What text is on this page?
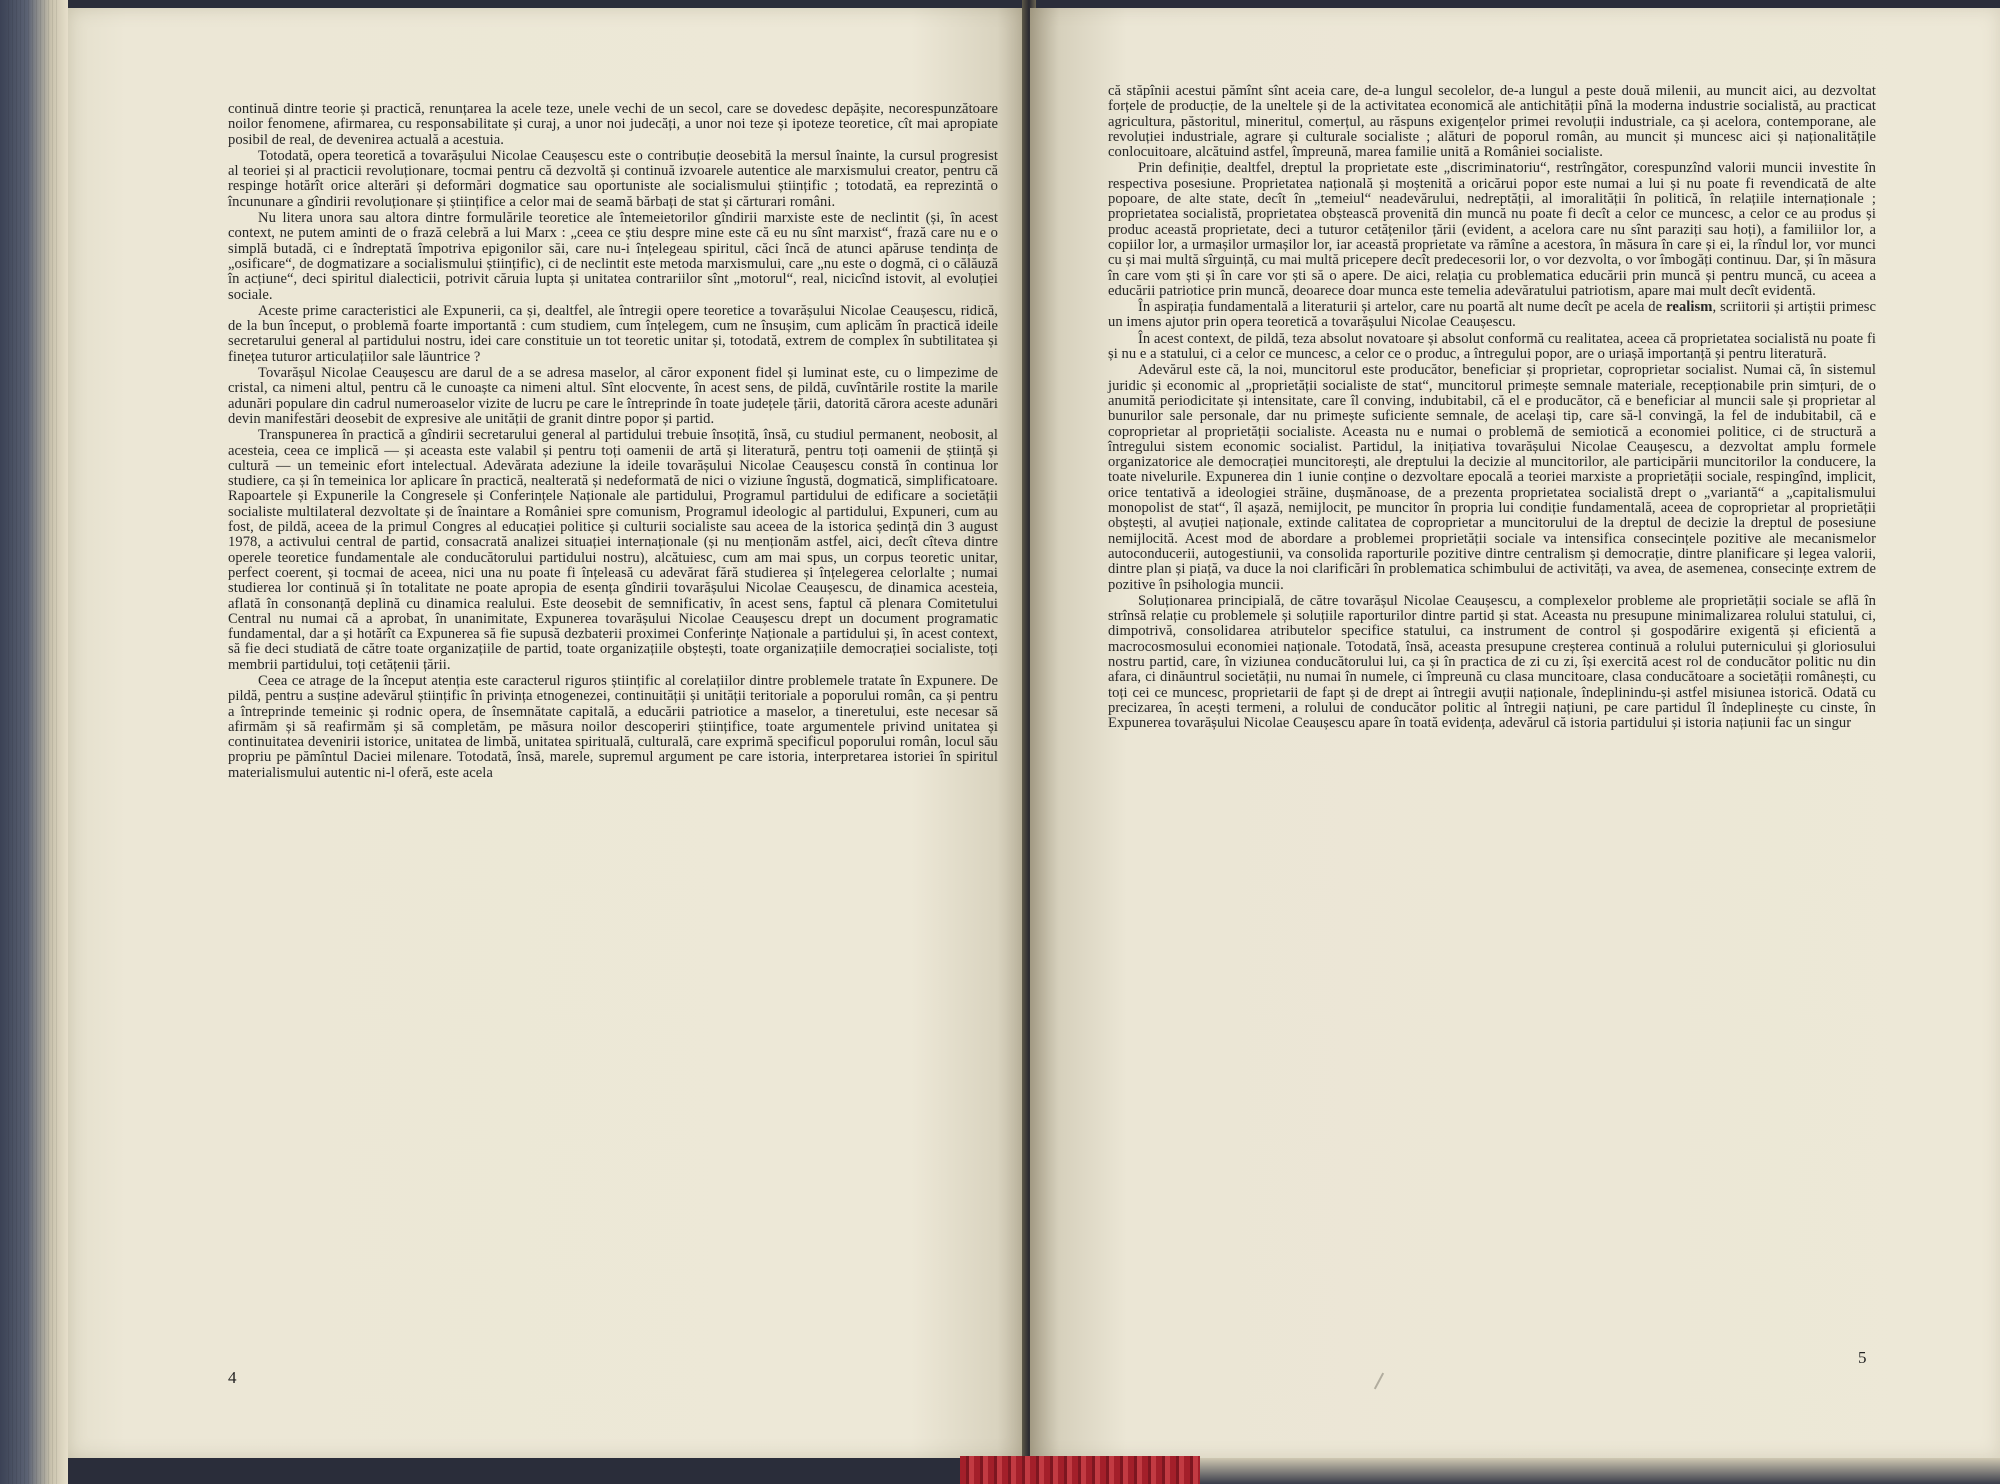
continuă dintre teorie și practică, renunțarea la acele teze, unele vechi de un secol, care se dovedesc depășite, necorespunzătoare noilor fenomene, afirmarea, cu responsabilitate și curaj, a unor noi judecăți, a unor noi teze și ipoteze teoretice, cît mai apropiate posibil de real, de devenirea actuală a acestuia.

Totodată, opera teoretică a tovarășului Nicolae Ceaușescu este o contribuție deosebită la mersul înainte, la cursul progresist al teoriei și al practicii revoluționare, tocmai pentru că dezvoltă și continuă izvoarele autentice ale marxismului creator, pentru că respinge hotărît orice alterări și deformări dogmatice sau oportuniste ale socialismului științific ; totodată, ea reprezintă o încununare a gîndirii revoluționare și științifice a celor mai de seamă bărbați de stat și cărturari români.

Nu litera unora sau altora dintre formulările teoretice ale întemeietorilor gîndirii marxiste este de neclintit (și, în acest context, ne putem aminti de o frază celebră a lui Marx : „ceea ce știu despre mine este că eu nu sînt marxist“, frază care nu e o simplă butadă, ci e îndreptată împotriva epigonilor săi, care nu-i înțelegeau spiritul, căci încă de atunci apăruse tendința de „osificare“, de dogmatizare a socialismului științific), ci de neclintit este metoda marxismului, care „nu este o dogmă, ci o călăuză în acțiune“, deci spiritul dialecticii, potrivit căruia lupta și unitatea contrariilor sînt „motorul“, real, nicicînd istovit, al evoluției sociale.

Aceste prime caracteristici ale Expunerii, ca și, dealtfel, ale întregii opere teoretice a tovarășului Nicolae Ceaușescu, ridică, de la bun început, o problemă foarte importantă : cum studiem, cum înțelegem, cum ne însușim, cum aplicăm în practică ideile secretarului general al partidului nostru, idei care constituie un tot teoretic unitar și, totodată, extrem de complex în subtilitatea și finețea tuturor articulațiilor sale lăuntrice ?

Tovarășul Nicolae Ceaușescu are darul de a se adresa maselor, al căror exponent fidel și luminat este, cu o limpezime de cristal, ca nimeni altul, pentru că le cunoaște ca nimeni altul. Sînt elocvente, în acest sens, de pildă, cuvîntările rostite la marile adunări populare din cadrul numeroaselor vizite de lucru pe care le întreprinde în toate județele țării, datorită cărora aceste adunări devin manifestări deosebit de expresive ale unității de granit dintre popor și partid.

Transpunerea în practică a gîndirii secretarului general al partidului trebuie însoțită, însă, cu studiul permanent, neobosit, al acesteia, ceea ce implică — și aceasta este valabil și pentru toți oamenii de artă și literatură, pentru toți oamenii de știință și cultură — un temeinic efort intelectual. Adevărata adeziune la ideile tovarășului Nicolae Ceaușescu constă în continua lor studiere, ca și în temeinica lor aplicare în practică, nealterată și nedeformată de nici o viziune îngustă, dogmatică, simplificatoare. Rapoartele și Expunerile la Congresele și Conferințele Naționale ale partidului, Programul partidului de edificare a societății socialiste multilateral dezvoltate și de înaintare a României spre comunism, Programul ideologic al partidului, Expuneri, cum au fost, de pildă, aceea de la primul Congres al educației politice și culturii socialiste sau aceea de la istorica ședință din 3 august 1978, a activului central de partid, consacrată analizei situației internaționale (și nu menționăm astfel, aici, decît cîteva dintre operele teoretice fundamentale ale conducătorului partidului nostru), alcătuiesc, cum am mai spus, un corpus teoretic unitar, perfect coerent, și tocmai de aceea, nici una nu poate fi înțeleasă cu adevărat fără studierea și înțelegerea celorlalte ; numai studierea lor continuă și în totalitate ne poate apropia de esența gîndirii tovarășului Nicolae Ceaușescu, de dinamica acesteia, aflată în consonanță deplină cu dinamica realului. Este deosebit de semnificativ, în acest sens, faptul că plenara Comitetului Central nu numai că a aprobat, în unanimitate, Expunerea tovarășului Nicolae Ceaușescu drept un document programatic fundamental, dar a și hotărît ca Expunerea să fie supusă dezbaterii proximei Conferințe Naționale a partidului și, în acest context, să fie deci studiată de către toate organizațiile de partid, toate organizațiile obștești, toate organizațiile democrației socialiste, toți membrii partidului, toți cetățenii țării.

Ceea ce atrage de la început atenția este caracterul riguros științific al corelațiilor dintre problemele tratate în Expunere. De pildă, pentru a susține adevărul științific în privința etnogenezei, continuității și unității teritoriale a poporului român, ca și pentru a întreprinde temeinic și rodnic opera, de însemnătate capitală, a educării patriotice a maselor, a tineretului, este necesar să afirmăm și să reafirmăm și să completăm, pe măsura noilor descoperiri științifice, toate argumentele privind unitatea și continuitatea devenirii istorice, unitatea de limbă, unitatea spirituală, culturală, care exprimă specificul poporului român, locul său propriu pe pămîntul Daciei milenare. Totodată, însă, marele, supremul argument pe care istoria, interpretarea istoriei în spiritul materialismului autentic ni-l oferă, este acela

4

că stăpînii acestui pămînt sînt aceia care, de-a lungul secolelor, de-a lungul a peste două milenii, au muncit aici, au dezvoltat forțele de producție, de la uneltele și de la activitatea economică ale antichității pînă la moderna industrie socialistă, au practicat agricultura, păstoritul, mineritul, comerțul, au răspuns exigențelor primei revoluții industriale, ca și acelora, contemporane, ale revoluției industriale, agrare și culturale socialiste ; alături de poporul român, au muncit și muncesc aici și naționalitățile conlocuitoare, alcătuind astfel, împreună, marea familie unită a României socialiste.

Prin definiție, dealtfel, dreptul la proprietate este „discriminatoriu“, restrîngător, corespunzînd valorii muncii investite în respectiva posesiune. Proprietatea națională și moștenită a oricărui popor este numai a lui și nu poate fi revendicată de alte popoare, de alte state, decît în „temeiul“ neadevărului, nedreptății, al imoralității în politică, în relațiile internaționale ; proprietatea socialistă, proprietatea obștească provenită din muncă nu poate fi decît a celor ce muncesc, a celor ce au produs și produc această proprietate, deci a tuturor cetățenilor țării (evident, a acelora care nu sînt paraziți sau hoți), a familiilor lor, a copiilor lor, a urmașilor urmașilor lor, iar această proprietate va rămîne a acestora, în măsura în care și ei, la rîndul lor, vor munci cu și mai multă sîrguință, cu mai multă pricepere decît predecesorii lor, o vor dezvolta, o vor îmbogăți continuu. Dar, și în măsura în care vom ști și în care vor ști să o apere. De aici, relația cu problematica educării prin muncă și pentru muncă, cu aceea a educării patriotice prin muncă, deoarece doar munca este temelia adevăratului patriotism, apare mai mult decît evidentă.

În aspirația fundamentală a literaturii și artelor, care nu poartă alt nume decît pe acela de realism, scriitorii și artiștii primesc un imens ajutor prin opera teoretică a tovarășului Nicolae Ceaușescu.

În acest context, de pildă, teza absolut novatoare și absolut conformă cu realitatea, aceea că proprietatea socialistă nu poate fi și nu e a statului, ci a celor ce muncesc, a celor ce o produc, a întregului popor, are o uriașă importanță și pentru literatură.

Adevărul este că, la noi, muncitorul este producător, beneficiar și proprietar, coproprietar socialist. Numai că, în sistemul juridic și economic al „proprietății socialiste de stat“, muncitorul primește semnale materiale, recepționabile prin simțuri, de o anumită periodicitate și intensitate, care îl conving, indubitabil, că el e producător, că e beneficiar al muncii sale și proprietar al bunurilor sale personale, dar nu primește suficiente semnale, de același tip, care să-l convingă, la fel de indubitabil, că e coproprietar al proprietății socialiste. Aceasta nu e numai o problemă de semiotică a economiei politice, ci de structură a întregului sistem economic socialist. Partidul, la inițiativa tovarășului Nicolae Ceaușescu, a dezvoltat amplu formele organizatorice ale democrației muncitorești, ale dreptului la decizie al muncitorilor, ale participării muncitorilor la conducere, la toate nivelurile. Expunerea din 1 iunie conține o dezvoltare epocală a teoriei marxiste a proprietății sociale, respingînd, implicit, orice tentativă a ideologiei străine, dușmănoase, de a prezenta proprietatea socialistă drept o „variantă“ a „capitalismului monopolist de stat“, îl așază, nemijlocit, pe muncitor în propria lui condiție fundamentală, aceea de coproprietar al proprietății obștești, al avuției naționale, extinde calitatea de coproprietar a muncitorului de la dreptul de decizie la dreptul de posesiune nemijlocită. Acest mod de abordare a problemei proprietății sociale va intensifica consecințele pozitive ale mecanismelor autoconducerii, autogestiunii, va consolida raporturile pozitive dintre centralism și democrație, dintre planificare și legea valorii, dintre plan și piață, va duce la noi clarificări în problematica schimbului de activități, va avea, de asemenea, consecințe extrem de pozitive în psihologia muncii.

Soluționarea principială, de către tovarășul Nicolae Ceaușescu, a complexelor probleme ale proprietății sociale se află în strînsă relație cu problemele și soluțiile raporturilor dintre partid și stat. Aceasta nu presupune minimalizarea rolului statului, ci, dimpotrivă, consolidarea atributelor specifice statului, ca instrument de control și gospodărire exigentă și eficientă a macrocosmosului economiei naționale. Totodată, însă, aceasta presupune creșterea continuă a rolului puternicului și gloriosului nostru partid, care, în viziunea conducătorului lui, ca și în practica de zi cu zi, își exercită acest rol de conducător politic nu din afara, ci dinăuntrul societății, nu numai în numele, ci împreună cu clasa muncitoare, clasa conducătoare a societății românești, cu toți cei ce muncesc, proprietarii de fapt și de drept ai întregii avuții naționale, îndeplinindu-și astfel misiunea istorică. Odată cu precizarea, în acești termeni, a rolului de conducător politic al întregii națiuni, pe care partidul îl îndeplinește cu cinste, în Expunerea tovarășului Nicolae Ceaușescu apare în toată evidența, adevărul că istoria partidului și istoria națiunii fac un singur

5
